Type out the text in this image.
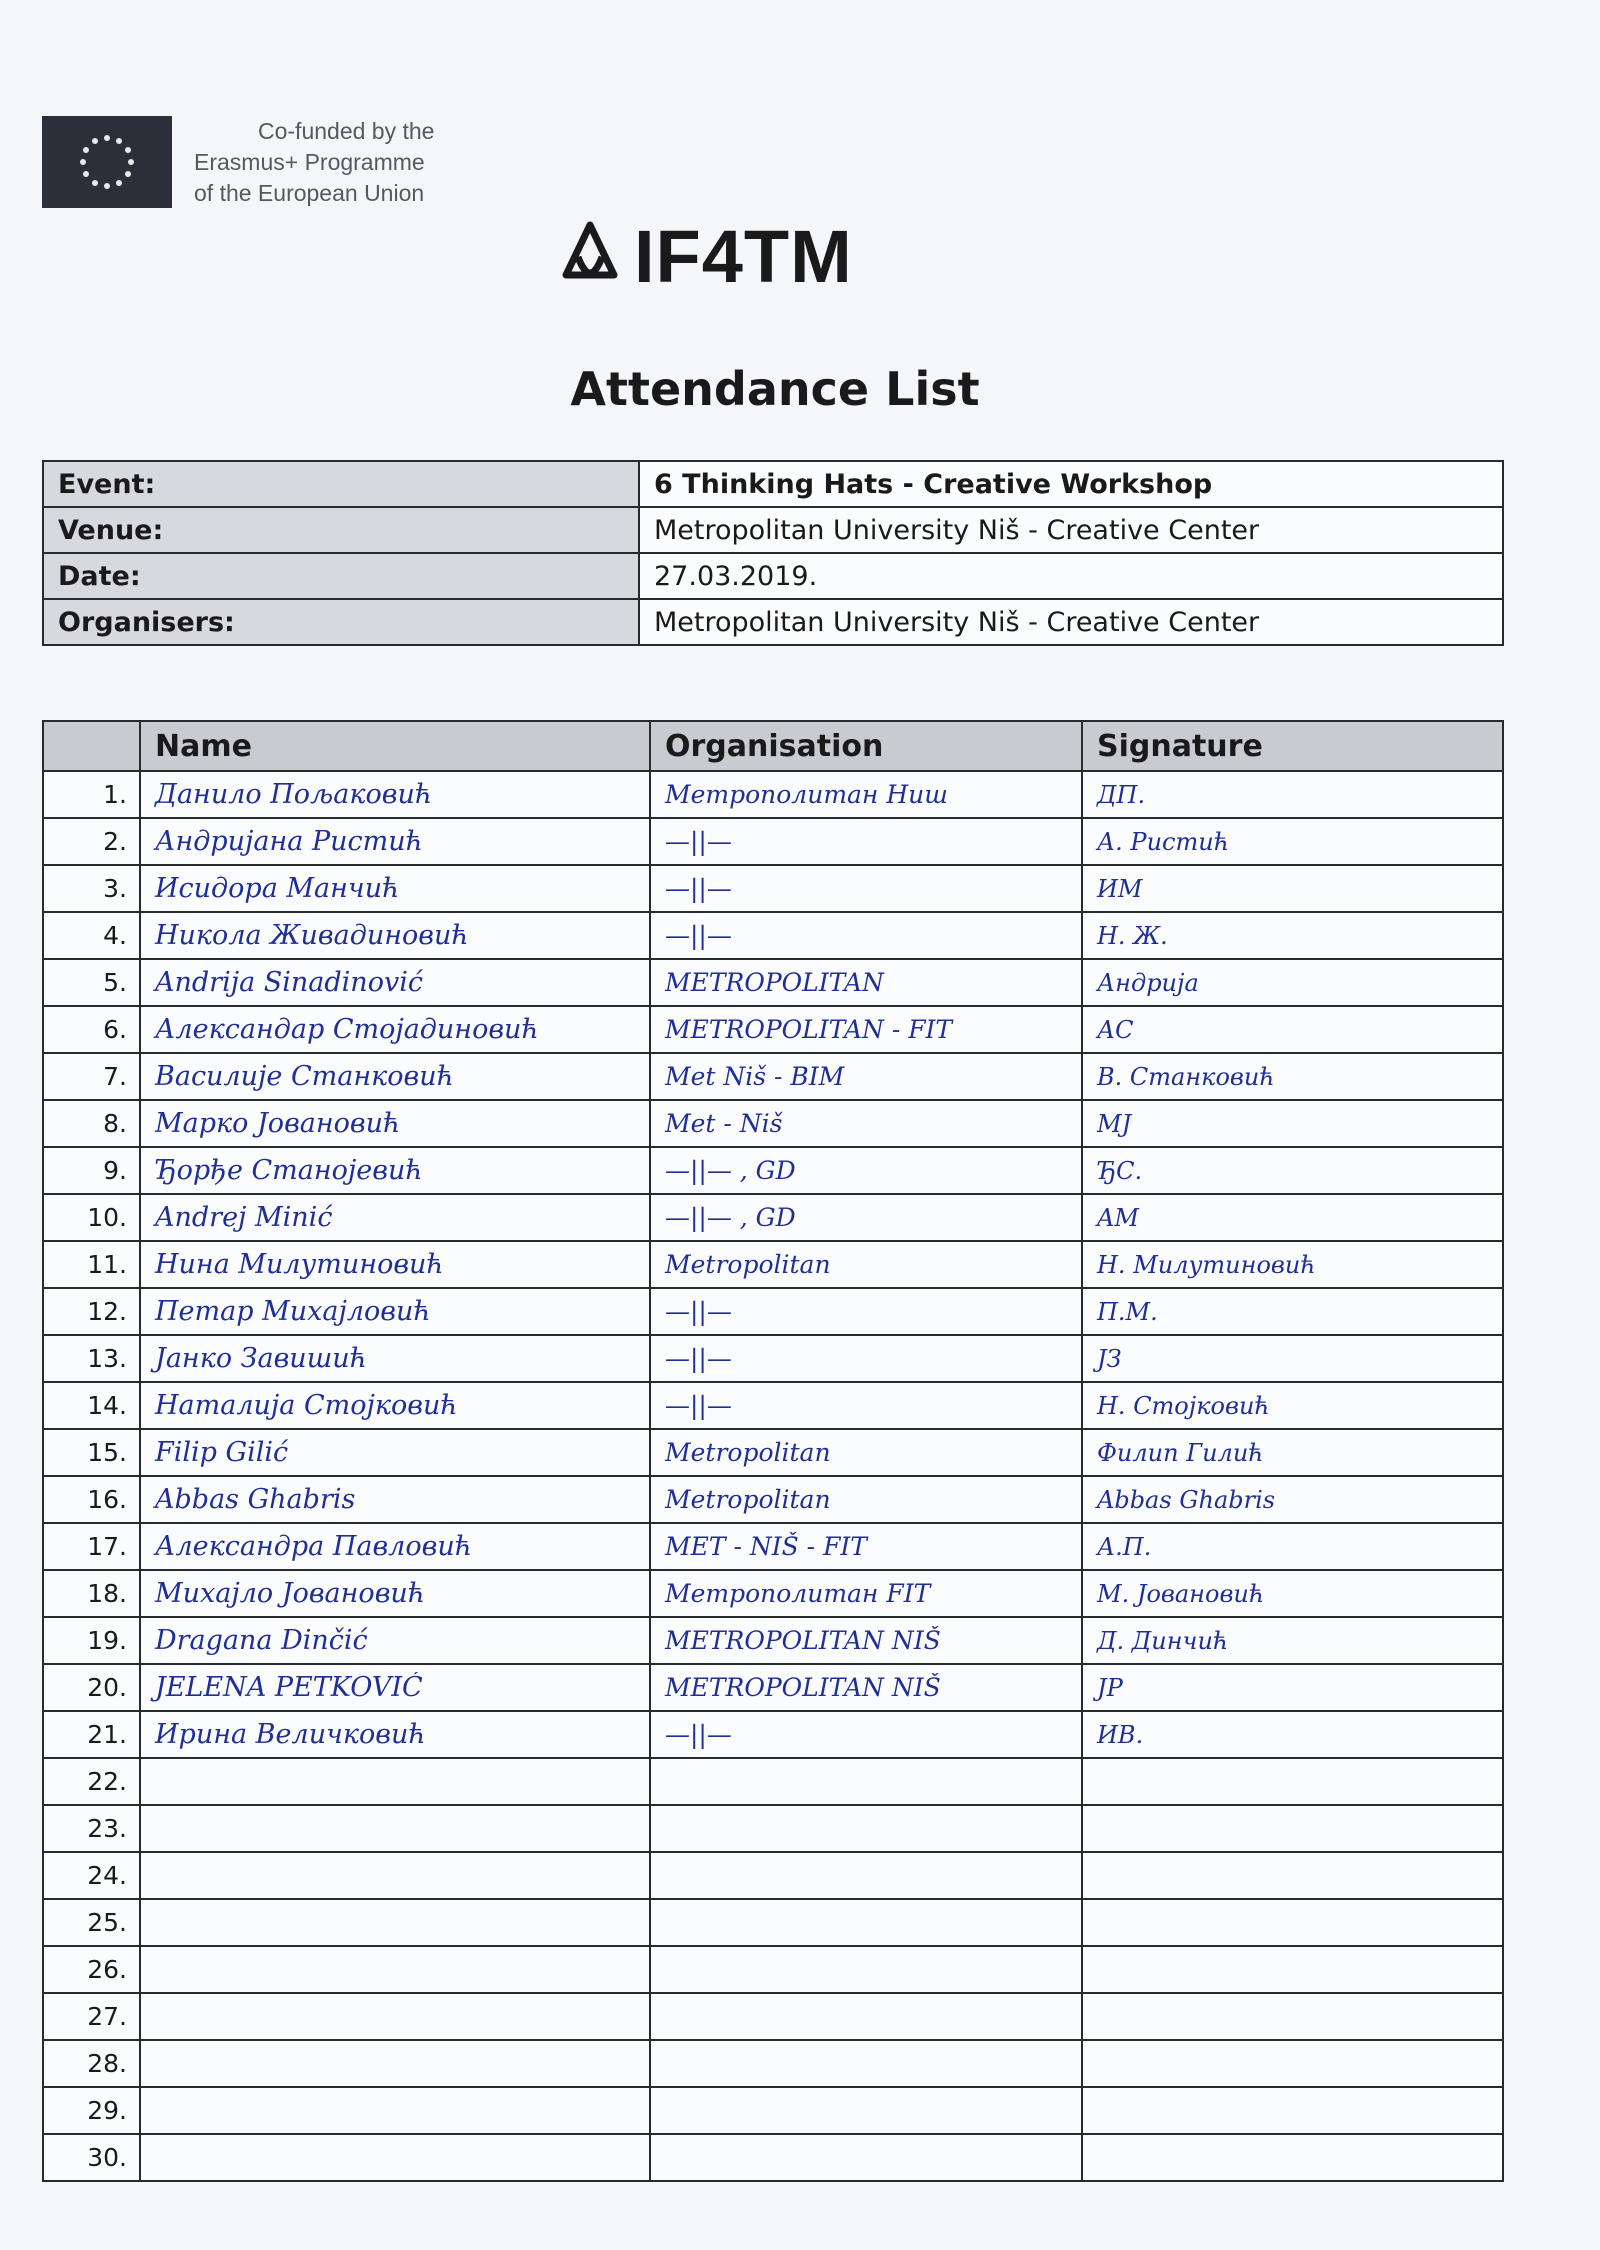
Co-funded by the
Erasmus+ Programme
of the European Union
IF4TM
Attendance List
Event:	6 Thinking Hats - Creative Workshop
Venue:	Metropolitan University Niš - Creative Center
Date:	27.03.2019.
Organisers:	Metropolitan University Niš - Creative Center
	Name	Organisation	Signature
1.	Данило Пољаковић	Метрополитан Ниш	ДП.

2.	Андријана Ристић	—||—	А. Ристић

3.	Исидора Манчић	—||—	ИМ

4.	Никола Живадиновић	—||—	Н. Ж.

5.	Andrija Sinadinović	METROPOLITAN	Андрија

6.	Александар Стојадиновић	METROPOLITAN - FIT	АС

7.	Василије Станковић	Met Niš - BIM	В. Станковић

8.	Марко Јовановић	Met - Niš	МЈ

9.	Ђорђе Станојевић	—||— , GD	ЂС.

10.	Andrej Minić	—||— , GD	AM

11.	Нина Милутиновић	Metropolitan	Н. Милутиновић

12.	Петар Михајловић	—||—	П.М.

13.	Јанко Завишић	—||—	ЈЗ

14.	Наталија Стојковић	—||—	Н. Стојковић

15.	Filip Gilić	Metropolitan	Филип Гилић

16.	Abbas Ghabris	Metropolitan	Abbas Ghabris

17.	Александра Павловић	MET - NIŠ - FIT	А.П.

18.	Михајло Јовановић	Метрополитан FIT	М. Јовановић

19.	Dragana Dinčić	METROPOLITAN NIŠ	Д. Динчић

20.	JELENA PETKOVIĆ	METROPOLITAN NIŠ	JP

21.	Ирина Величковић	—||—	ИВ.

22.	

23.	

24.	

25.	

26.	

27.	

28.	

29.	

30.	
